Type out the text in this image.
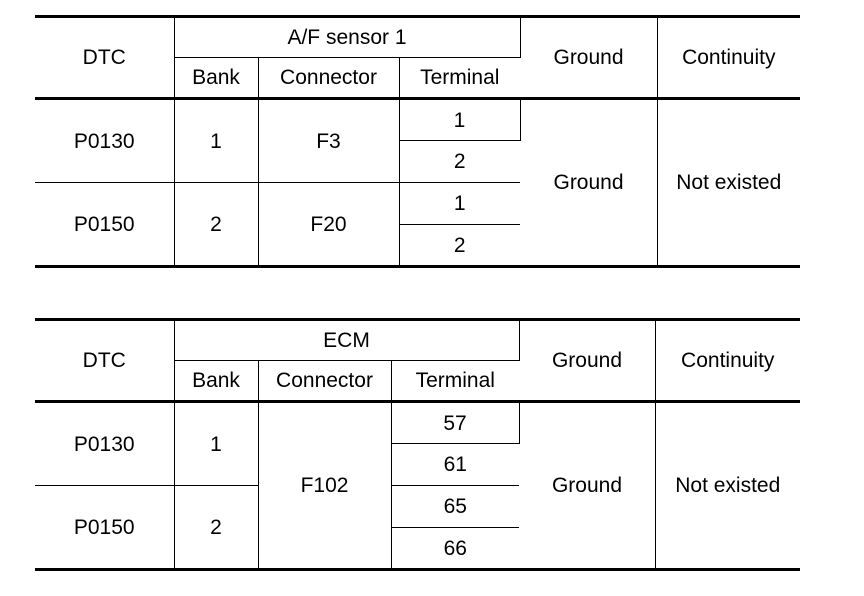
DTC	A/F sensor 1			Ground	Continuity
	Bank	Connector	Terminal		
P0130	1	F3	1	Ground	Not existed
			2		
P0150	2	F20	1		
			2		
DTC	ECM			Ground	Continuity
	Bank	Connector	Terminal		
P0130	1	F102	57	Ground	Not existed
			61		
P0150	2		65		
			66		
